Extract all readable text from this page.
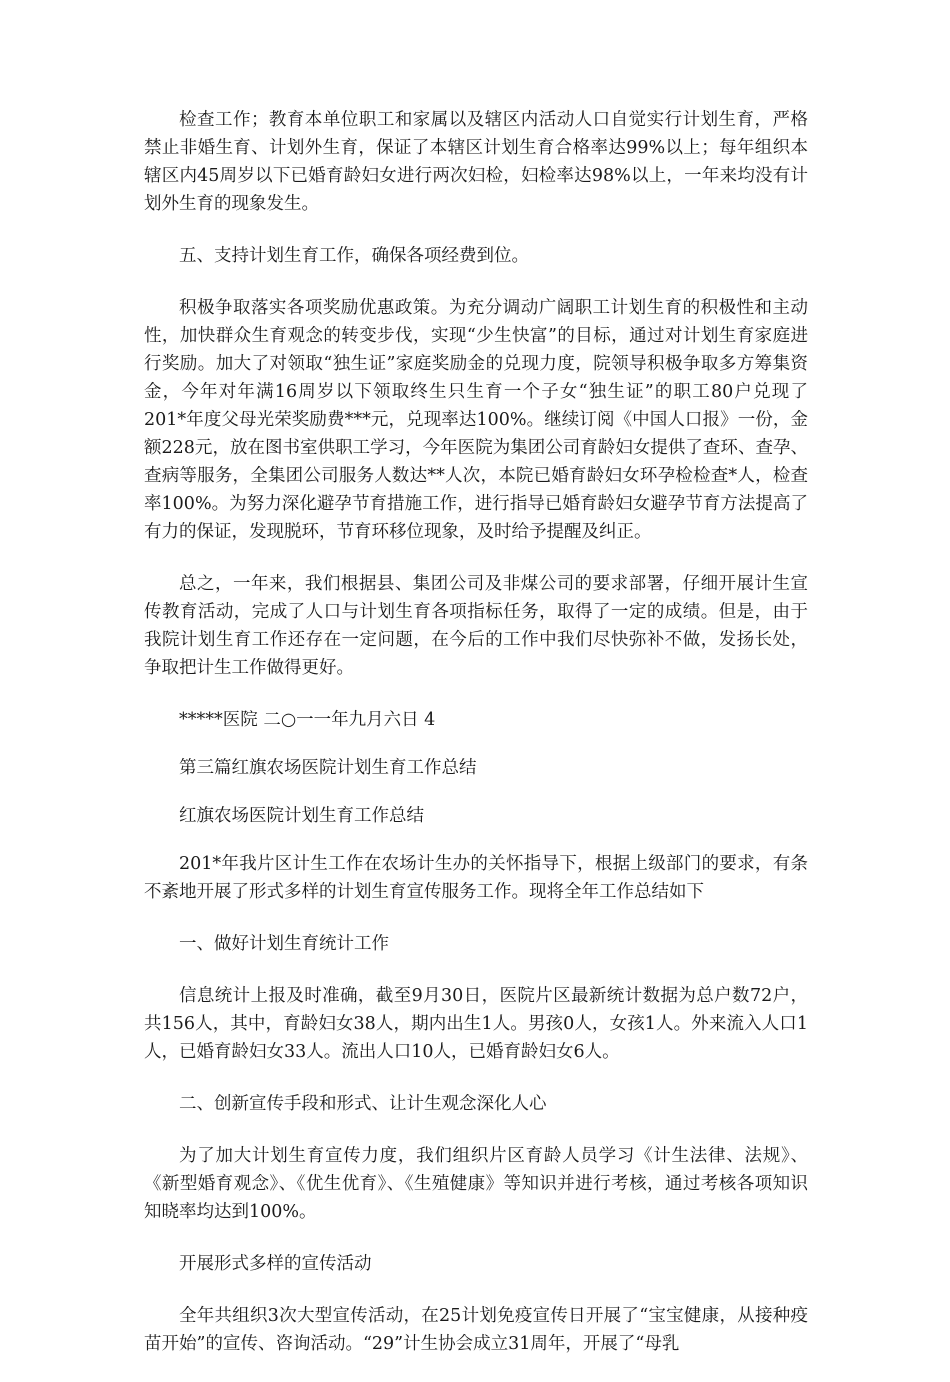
检查工作；教育本单位职工和家属以及辖区内活动人口自觉实行计划生育，严格禁止非婚生育、计划外生育，保证了本辖区计划生育合格率达99%以上；每年组织本辖区内45周岁以下已婚育龄妇女进行两次妇检，妇检率达98%以上，一年来均没有计划外生育的现象发生。

五、支持计划生育工作，确保各项经费到位。

积极争取落实各项奖励优惠政策。为充分调动广阔职工计划生育的积极性和主动性，加快群众生育观念的转变步伐，实现“少生快富”的目标，通过对计划生育家庭进行奖励。加大了对领取“独生证”家庭奖励金的兑现力度，院领导积极争取多方筹集资金，今年对年满16周岁以下领取终生只生育一个子女“独生证”的职工80户兑现了201*年度父母光荣奖励费***元，兑现率达100%。继续订阅《中国人口报》一份，金额228元，放在图书室供职工学习，今年医院为集团公司育龄妇女提供了查环、查孕、查病等服务，全集团公司服务人数达**人次，本院已婚育龄妇女环孕检检查*人，检查率100%。为努力深化避孕节育措施工作，进行指导已婚育龄妇女避孕节育方法提高了有力的保证，发现脱环，节育环移位现象，及时给予提醒及纠正。

总之，一年来，我们根据县、集团公司及非煤公司的要求部署，仔细开展计生宣传教育活动，完成了人口与计划生育各项指标任务，取得了一定的成绩。但是，由于我院计划生育工作还存在一定问题，在今后的工作中我们尽快弥补不做，发扬长处，争取把计生工作做得更好。

*****医院 二○一一年九月六日 4

第三篇红旗农场医院计划生育工作总结

红旗农场医院计划生育工作总结

201*年我片区计生工作在农场计生办的关怀指导下，根据上级部门的要求，有条不紊地开展了形式多样的计划生育宣传服务工作。现将全年工作总结如下

一、做好计划生育统计工作

信息统计上报及时准确，截至9月30日，医院片区最新统计数据为总户数72户，共156人，其中，育龄妇女38人，期内出生1人。男孩0人，女孩1人。外来流入人口1人，已婚育龄妇女33人。流出人口10人，已婚育龄妇女6人。

二、创新宣传手段和形式、让计生观念深化人心

为了加大计划生育宣传力度，我们组织片区育龄人员学习《计生法律、法规》、《新型婚育观念》、《优生优育》、《生殖健康》等知识并进行考核，通过考核各项知识知晓率均达到100%。

开展形式多样的宣传活动

全年共组织3次大型宣传活动，在25计划免疫宣传日开展了“宝宝健康，从接种疫苗开始”的宣传、咨询活动。“29”计生协会成立31周年，开展了“母乳
